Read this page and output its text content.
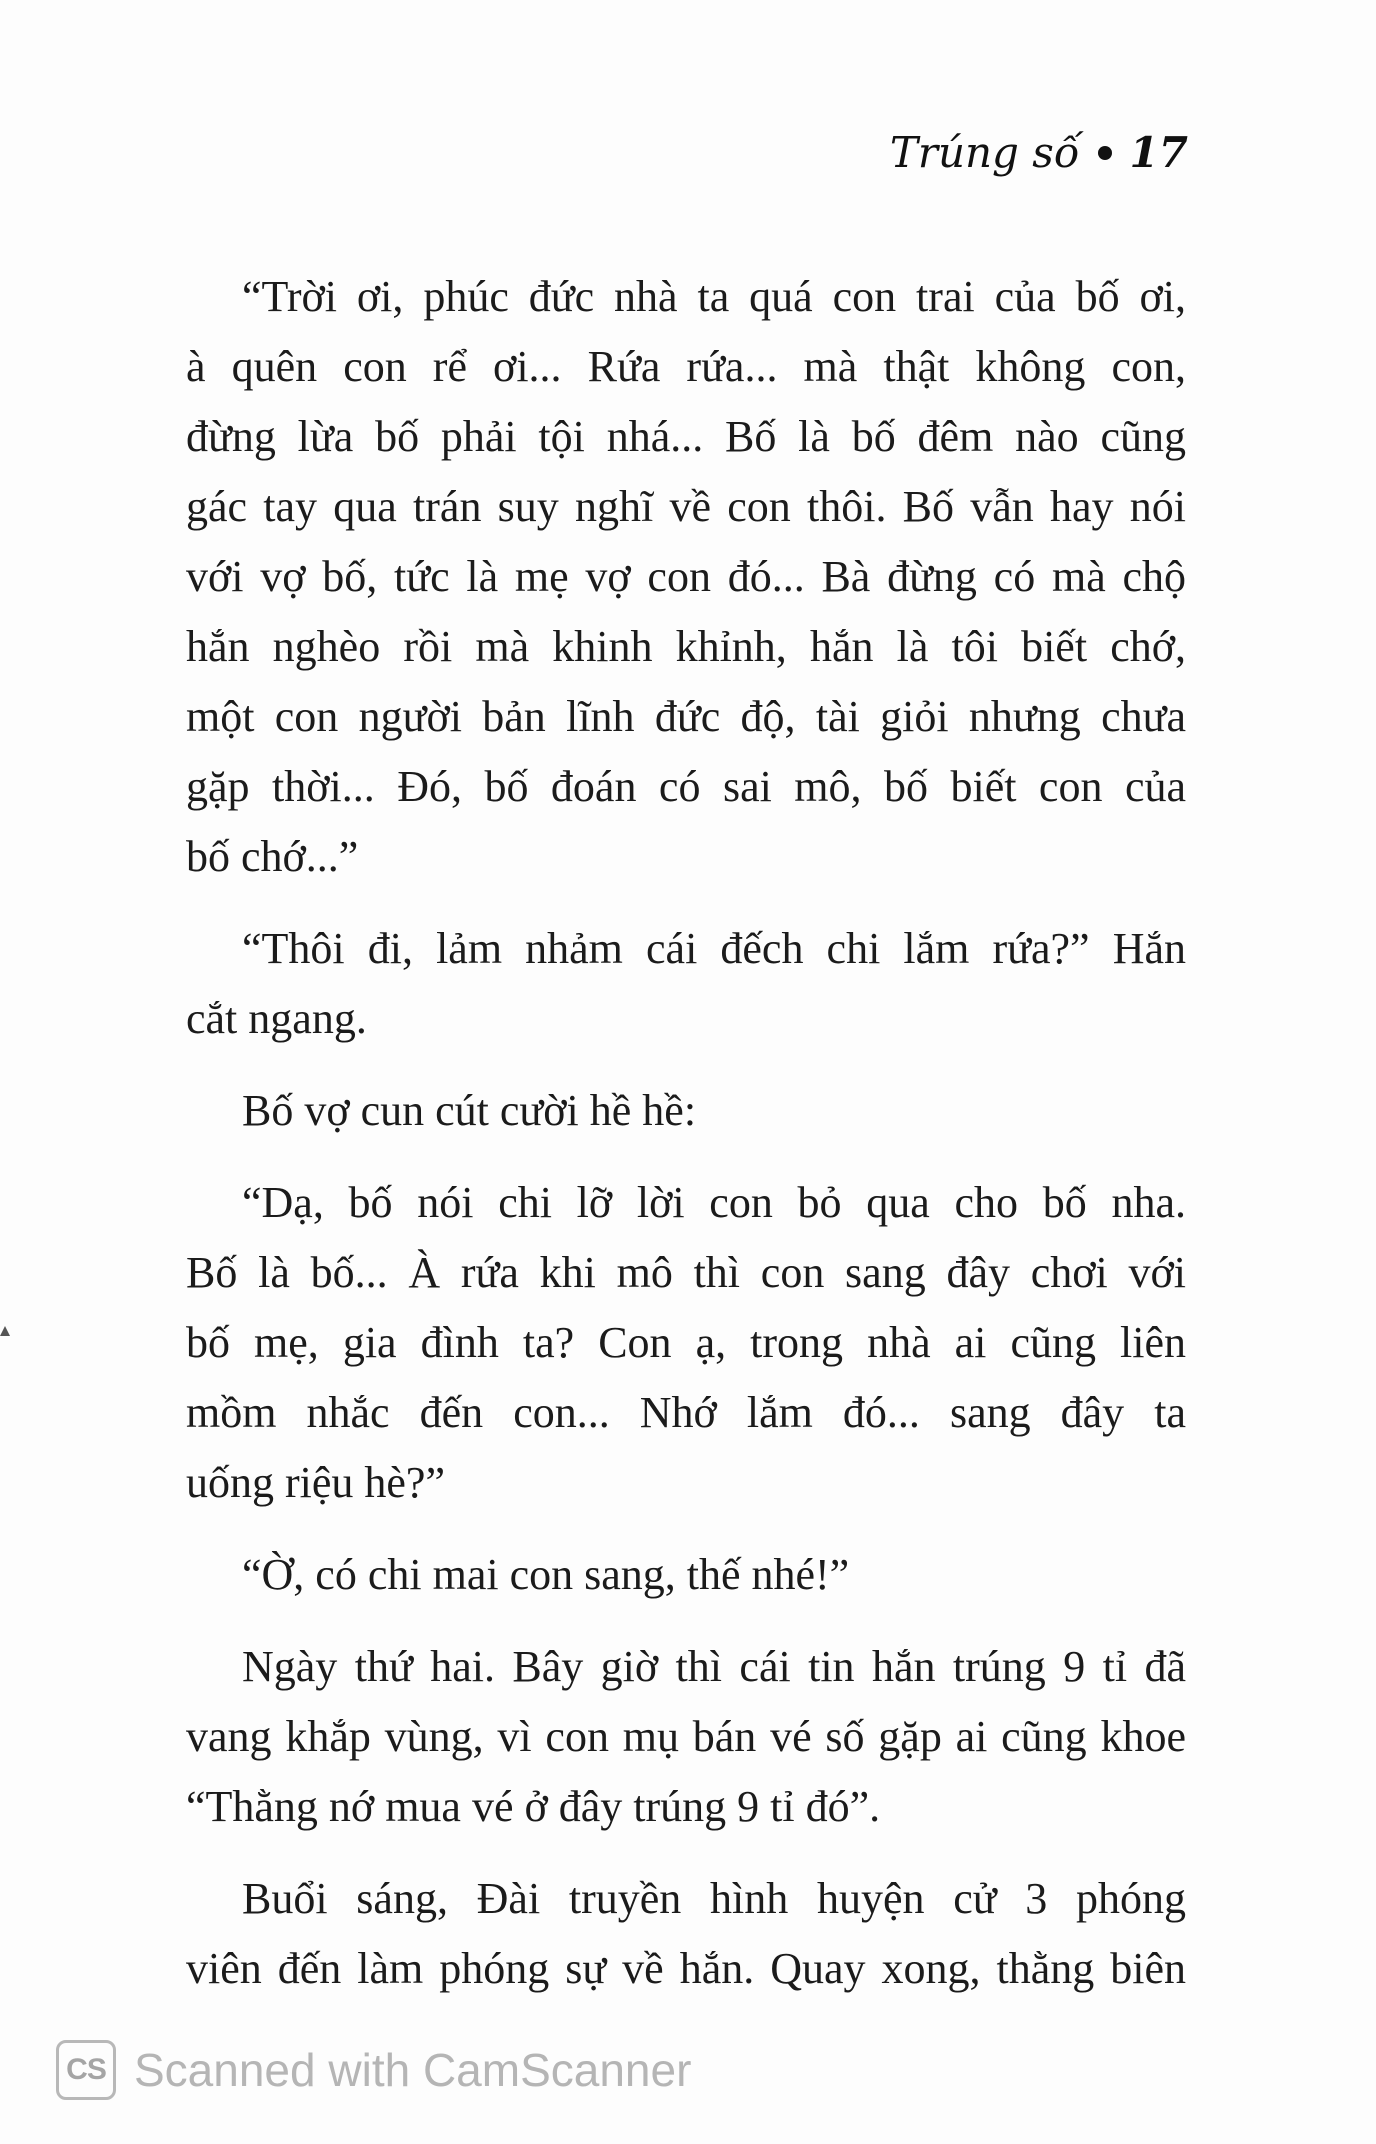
Trúng số 17
“Trời ơi, phúc đức nhà ta quá con trai của bố ơi,
à quên con rể ơi... Rứa rứa... mà thật không con,
đừng lừa bố phải tội nhá... Bố là bố đêm nào cũng
gác tay qua trán suy nghĩ về con thôi. Bố vẫn hay nói
với vợ bố, tức là mẹ vợ con đó... Bà đừng có mà chộ
hắn nghèo rồi mà khinh khỉnh, hắn là tôi biết chớ,
một con người bản lĩnh đức độ, tài giỏi nhưng chưa
gặp thời... Đó, bố đoán có sai mô, bố biết con của
bố chớ...”
“Thôi đi, lảm nhảm cái đếch chi lắm rứa?” Hắn
cắt ngang.
Bố vợ cun cút cười hề hề:
“Dạ, bố nói chi lỡ lời con bỏ qua cho bố nha.
Bố là bố... À rứa khi mô thì con sang đây chơi với
bố mẹ, gia đình ta? Con ạ, trong nhà ai cũng liên
mồm nhắc đến con... Nhớ lắm đó... sang đây ta
uống riệu hè?”
“Ờ, có chi mai con sang, thế nhé!”
Ngày thứ hai. Bây giờ thì cái tin hắn trúng 9 tỉ đã
vang khắp vùng, vì con mụ bán vé số gặp ai cũng khoe
“Thằng nớ mua vé ở đây trúng 9 tỉ đó”.
Buổi sáng, Đài truyền hình huyện cử 3 phóng
viên đến làm phóng sự về hắn. Quay xong, thằng biên
CS Scanned with CamScanner
